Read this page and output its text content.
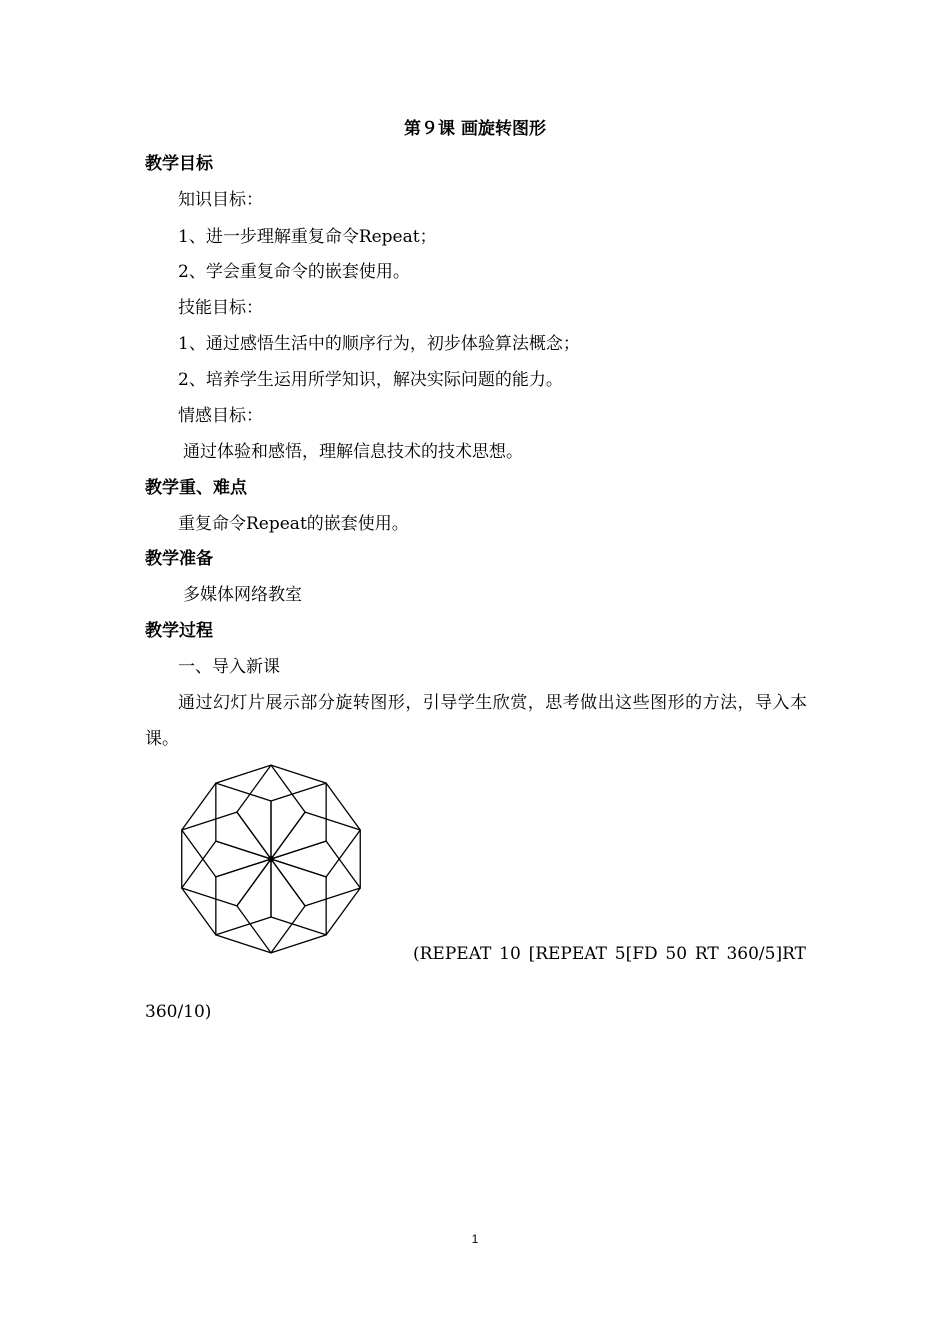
第９课 画旋转图形
教学目标
知识目标：
1、进一步理解重复命令Repeat；
2、学会重复命令的嵌套使用。
技能目标：
1、通过感悟生活中的顺序行为，初步体验算法概念；
2、培养学生运用所学知识，解决实际问题的能力。
情感目标：
通过体验和感悟，理解信息技术的技术思想。
教学重、难点
重复命令Repeat的嵌套使用。
教学准备
多媒体网络教室
教学过程
一、导入新课
通过幻灯片展示部分旋转图形，引导学生欣赏，思考做出这些图形的方法，导入本课。
(REPEAT 10 [REPEAT 5[FD 50 RT 360/5]RT
360/10)
1
